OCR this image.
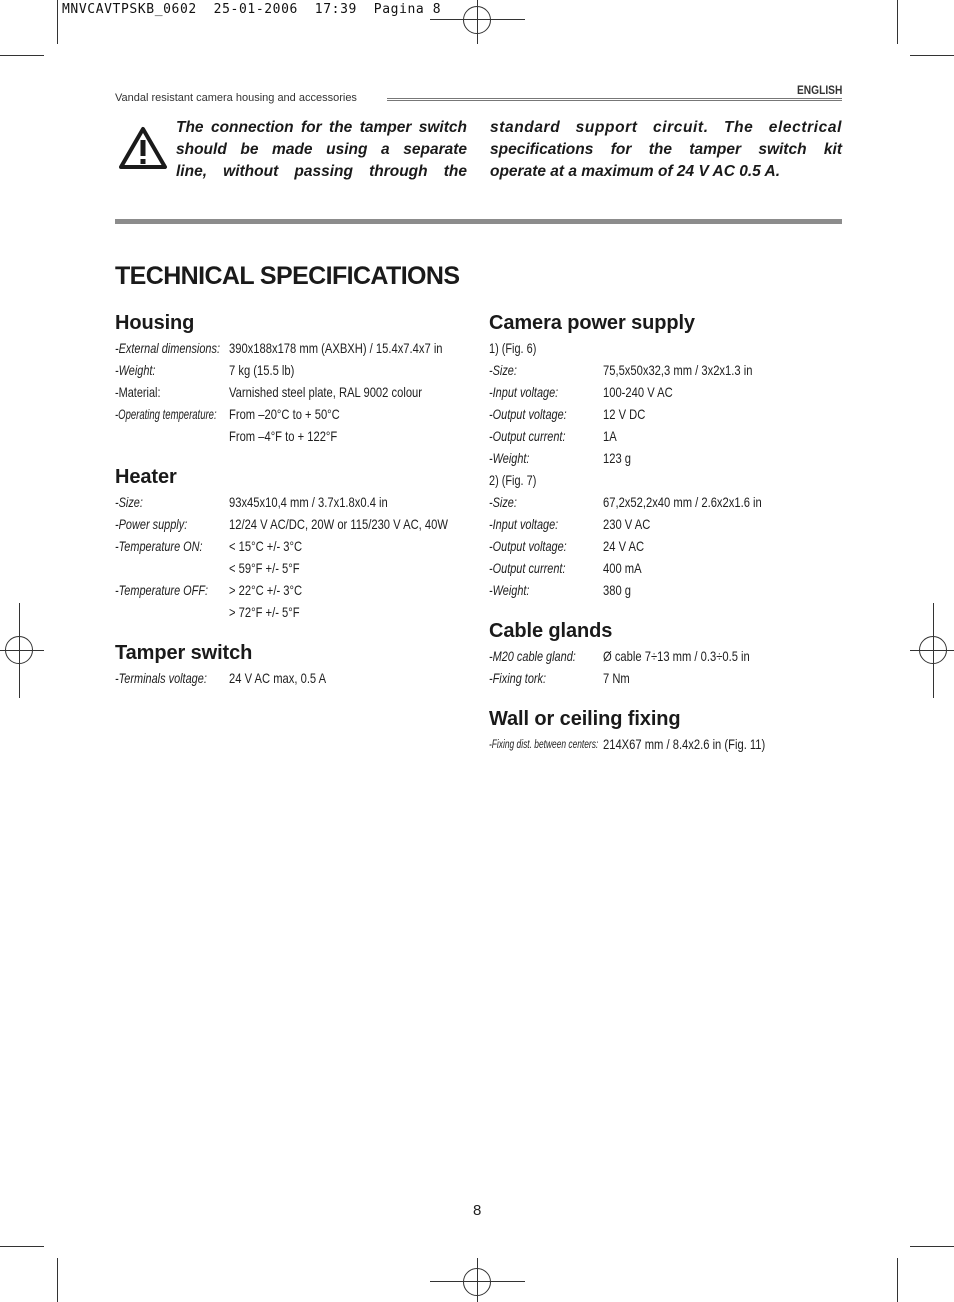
MNVCAVTPSKB_0602  25-01-2006  17:39  Pagina 8
Vandal resistant camera housing and accessories
ENGLISH
The connection for the tamper switch
should be made using a separate
line, without passing through the
standard support circuit. The electrical
specifications for the tamper switch kit
operate at a maximum of 24 V AC 0.5 A.
TECHNICAL SPECIFICATIONS
Housing
-External dimensions: 390x188x178 mm (AXBXH) / 15.4x7.4x7 in
-Weight:	7 kg (15.5 lb)
-Material:	Varnished steel plate, RAL 9002 colour
-Operating temperature: From –20°C to + 50°C
From –4°F to + 122°F
Heater
-Size:	93x45x10,4 mm / 3.7x1.8x0.4 in
-Power supply:	12/24 V AC/DC, 20W or 115/230 V AC, 40W
-Temperature ON: < 15°C +/- 3°C
< 59°F +/- 5°F
-Temperature OFF: > 22°C +/- 3°C
> 72°F +/- 5°F
Tamper switch
-Terminals voltage: 24 V AC max, 0.5 A
Camera power supply
1) (Fig. 6)
-Size:	75,5x50x32,3 mm / 3x2x1.3 in
-Input voltage:	100-240 V AC
-Output voltage:	12 V DC
-Output current:	1A
-Weight:	123 g
2) (Fig. 7)
-Size:	67,2x52,2x40 mm / 2.6x2x1.6 in
-Input voltage:	230 V AC
-Output voltage:	24 V AC
-Output current:	400 mA
-Weight:	380 g
Cable glands
-M20 cable gland: Ø cable 7÷13 mm / 0.3÷0.5 in
-Fixing tork:	7 Nm
Wall or ceiling fixing
-Fixing dist. between centers: 214X67 mm / 8.4x2.6 in (Fig. 11)
8
